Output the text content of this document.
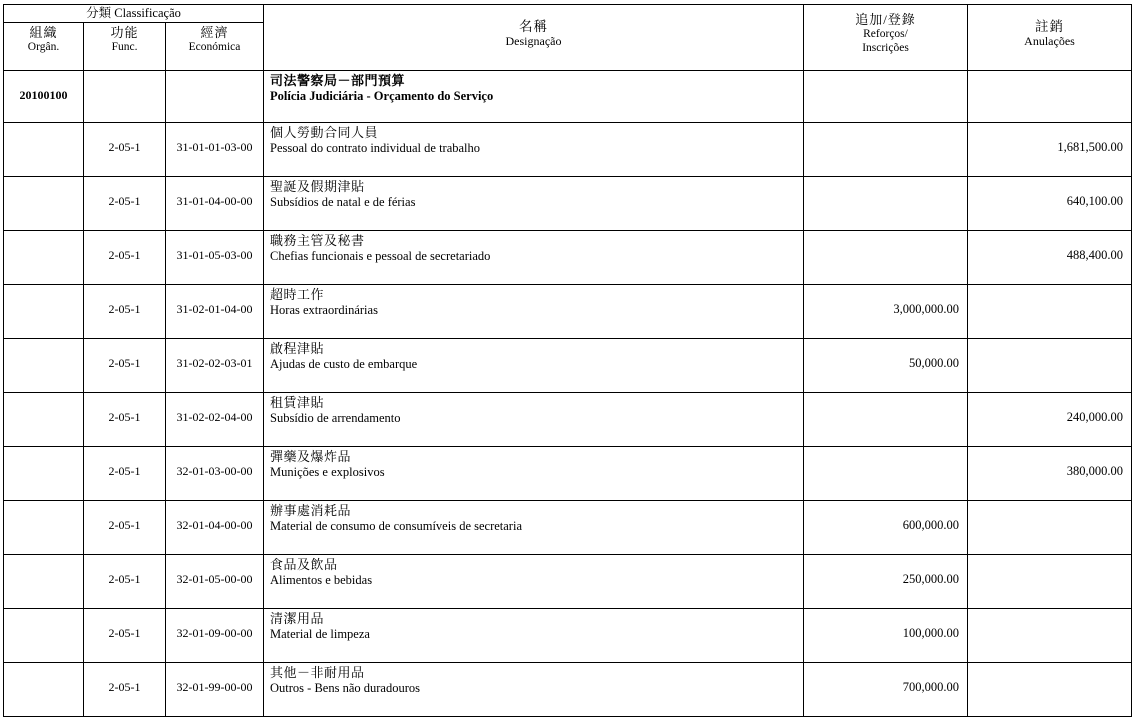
分類 Classificação	
名稱
Designação

追加/登錄
Reforços/
Inscrições

註銷
Anulações

組織
Orgân.

功能
Func.

經濟
Económica

20100100			司法警察局－部門預算
Polícia Judiciária - Orçamento do Serviço		

	2-05-1	31-01-01-03-00	個人勞動合同人員
Pessoal do contrato individual de trabalho		1,681,500.00
	2-05-1	31-01-04-00-00	聖誕及假期津貼
Subsídios de natal e de férias		640,100.00
	2-05-1	31-01-05-03-00	職務主管及秘書
Chefias funcionais e pessoal de secretariado		488,400.00
	2-05-1	31-02-01-04-00	超時工作
Horas extraordinárias	3,000,000.00	
	2-05-1	31-02-02-03-01	啟程津貼
Ajudas de custo de embarque	50,000.00	
	2-05-1	31-02-02-04-00	租賃津貼
Subsídio de arrendamento		240,000.00
	2-05-1	32-01-03-00-00	彈藥及爆炸品
Munições e explosivos		380,000.00
	2-05-1	32-01-04-00-00	辦事處消耗品
Material de consumo de consumíveis de secretaria	600,000.00	
	2-05-1	32-01-05-00-00	食品及飲品
Alimentos e bebidas	250,000.00	
	2-05-1	32-01-09-00-00	清潔用品
Material de limpeza	100,000.00	
	2-05-1	32-01-99-00-00	其他－非耐用品
Outros - Bens não duradouros	700,000.00	
